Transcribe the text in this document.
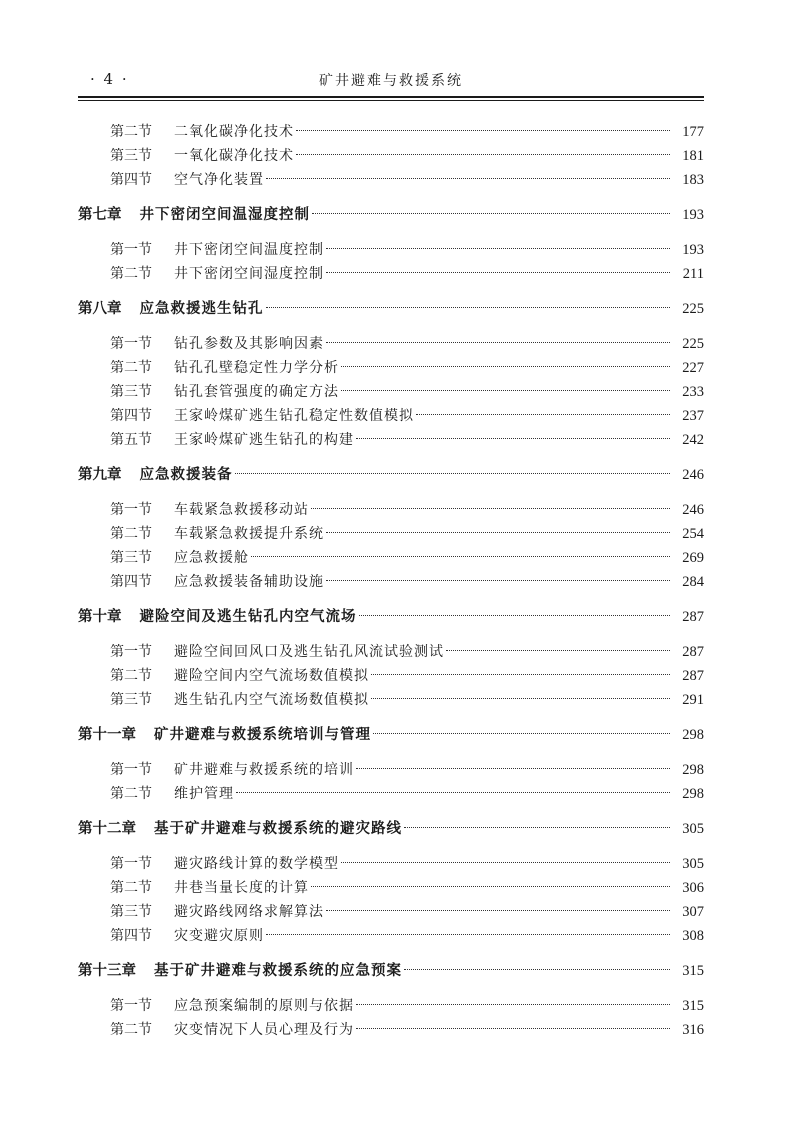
· 4 ·	矿井避难与救援系统
第二节	二氧化碳净化技术	177
第三节	一氧化碳净化技术	181
第四节	空气净化装置	183
第七章 井下密闭空间温湿度控制	193
第一节	井下密闭空间温度控制	193
第二节	井下密闭空间湿度控制	211
第八章 应急救援逃生钻孔	225
第一节	钻孔参数及其影响因素	225
第二节	钻孔孔壁稳定性力学分析	227
第三节	钻孔套管强度的确定方法	233
第四节	王家岭煤矿逃生钻孔稳定性数值模拟	237
第五节	王家岭煤矿逃生钻孔的构建	242
第九章 应急救援装备	246
第一节	车载紧急救援移动站	246
第二节	车载紧急救援提升系统	254
第三节	应急救援舱	269
第四节	应急救援装备辅助设施	284
第十章 避险空间及逃生钻孔内空气流场	287
第一节	避险空间回风口及逃生钻孔风流试验测试	287
第二节	避险空间内空气流场数值模拟	287
第三节	逃生钻孔内空气流场数值模拟	291
第十一章 矿井避难与救援系统培训与管理	298
第一节	矿井避难与救援系统的培训	298
第二节	维护管理	298
第十二章 基于矿井避难与救援系统的避灾路线	305
第一节	避灾路线计算的数学模型	305
第二节	井巷当量长度的计算	306
第三节	避灾路线网络求解算法	307
第四节	灾变避灾原则	308
第十三章 基于矿井避难与救援系统的应急预案	315
第一节	应急预案编制的原则与依据	315
第二节	灾变情况下人员心理及行为	316
